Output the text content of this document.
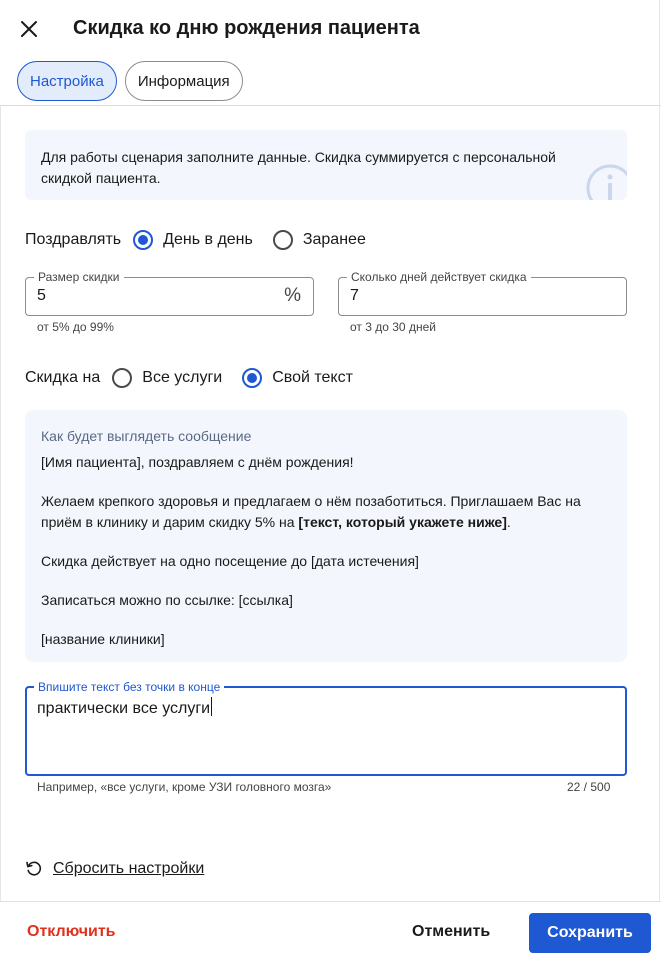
Скидка ко дню рождения пациента
Настройка	Информация
Для работы сценария заполните данные. Скидка суммируется с персональной скидкой пациента.
Поздравлять	День в день	Заранее
Размер скидки
5	%
от 5% до 99%
Сколько дней действует скидка
7
от 3 до 30 дней
Скидка на	Все услуги	Свой текст
Как будет выглядеть сообщение

[Имя пациента], поздравляем с днём рождения!

Желаем крепкого здоровья и предлагаем о нём позаботиться. Приглашаем Вас на приём в клинику и дарим скидку 5% на [текст, который укажете ниже].

Скидка действует на одно посещение до [дата истечения]

Записаться можно по ссылке: [ссылка]

[название клиники]

Впишите текст без точки в конце
практически все услуги
Например, «все услуги, кроме УЗИ головного мозга»	22 / 500
Сбросить настройки
Отключить	Отменить	Сохранить
